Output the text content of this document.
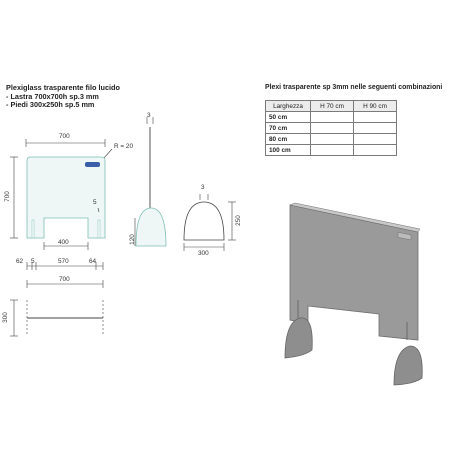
Plexiglass trasparente filo lucido
- Lastra 700x700h sp.3 mm
- Piedi 300x250h sp.5 mm
Plexi trasparente sp 3mm nelle seguenti combinazioni
Larghezza	H 70 cm	H 90 cm
50 cm		
70 cm		
80 cm		
100 cm		
700
700
R = 20
5
400	120
3
3
250
300
62 5	570	64
700
300
